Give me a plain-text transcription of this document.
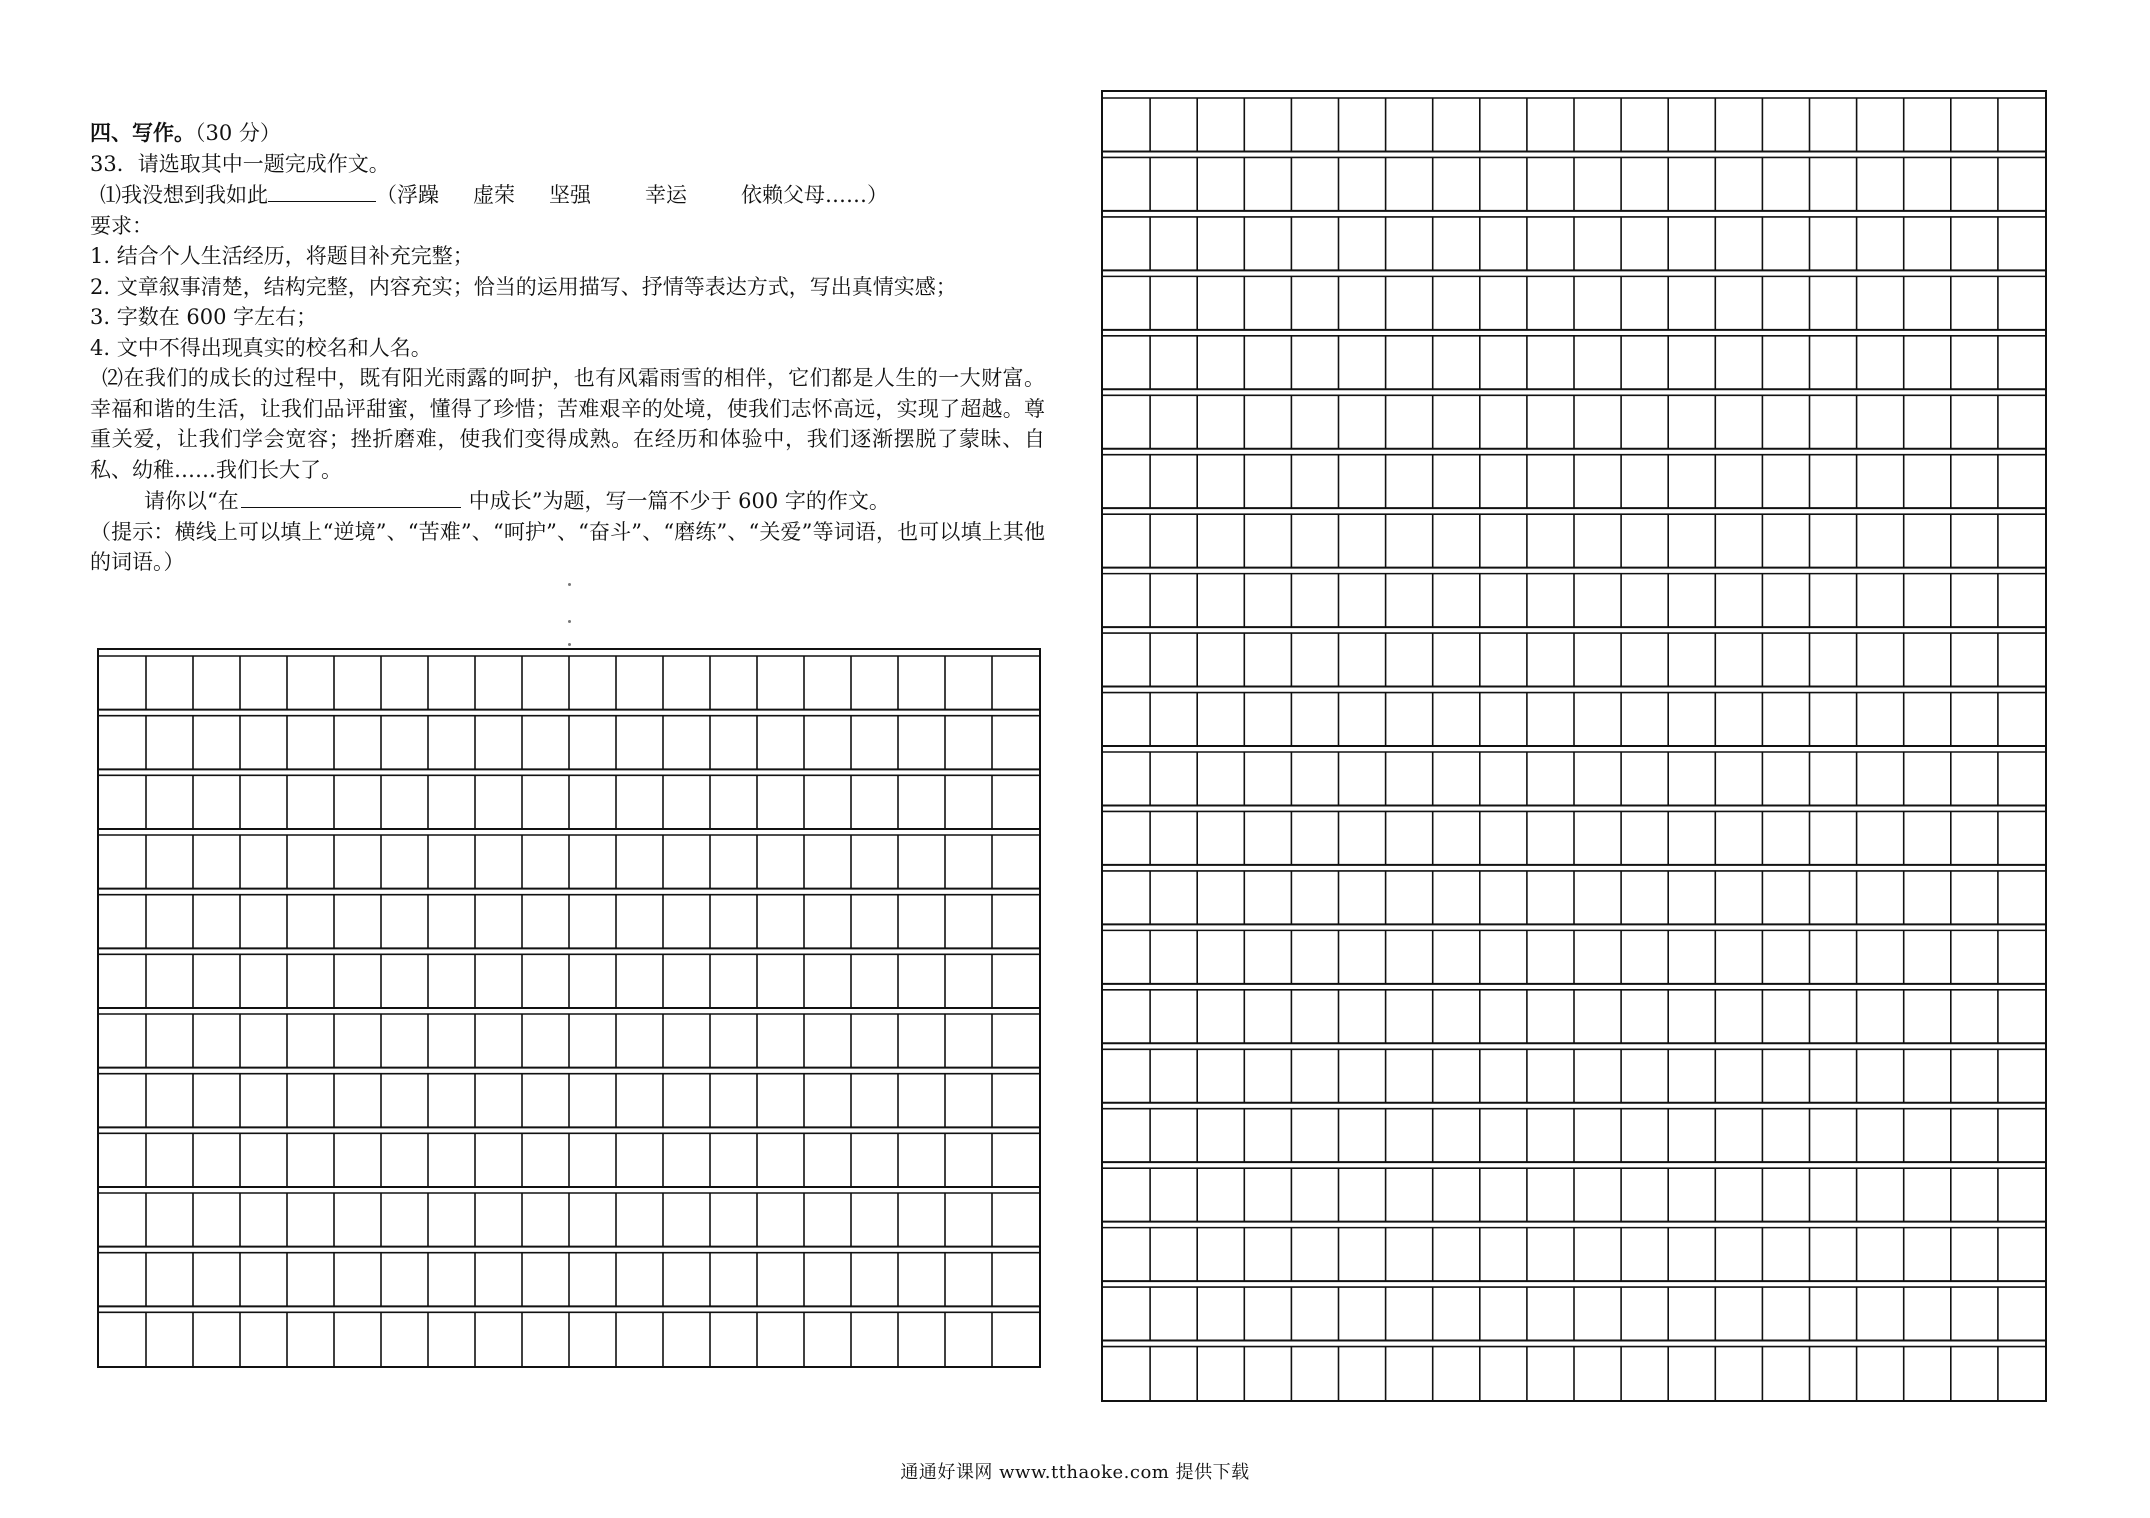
四、写作。（30 分）

33．请选取其中一题完成作文。

⑴我没想到我如此	（浮躁 虚荣 坚强	幸运	依赖父母……）

要求：

1. 结合个人生活经历，将题目补充完整；

2. 文章叙事清楚，结构完整，内容充实；恰当的运用描写、抒情等表达方式，写出真情实感；

3. 字数在 600 字左右；

4. 文中不得出现真实的校名和人名。

⑵在我们的成长的过程中，既有阳光雨露的呵护，也有风霜雨雪的相伴，它们都是人生的一大财富。幸福和谐的生活，让我们品评甜蜜，懂得了珍惜；苦难艰辛的处境，使我们志怀高远，实现了超越。尊重关爱，让我们学会宽容；挫折磨难，使我们变得成熟。在经历和体验中，我们逐渐摆脱了蒙昧、自私、幼稚……我们长大了。

请你以“在	中成长”为题，写一篇不少于 600 字的作文。

（提示：横线上可以填上“逆境”、“苦难”、“呵护”、“奋斗”、“磨练”、“关爱”等词语，也可以填上其他的词语。）

通通好课网 www.tthaoke.com 提供下载
